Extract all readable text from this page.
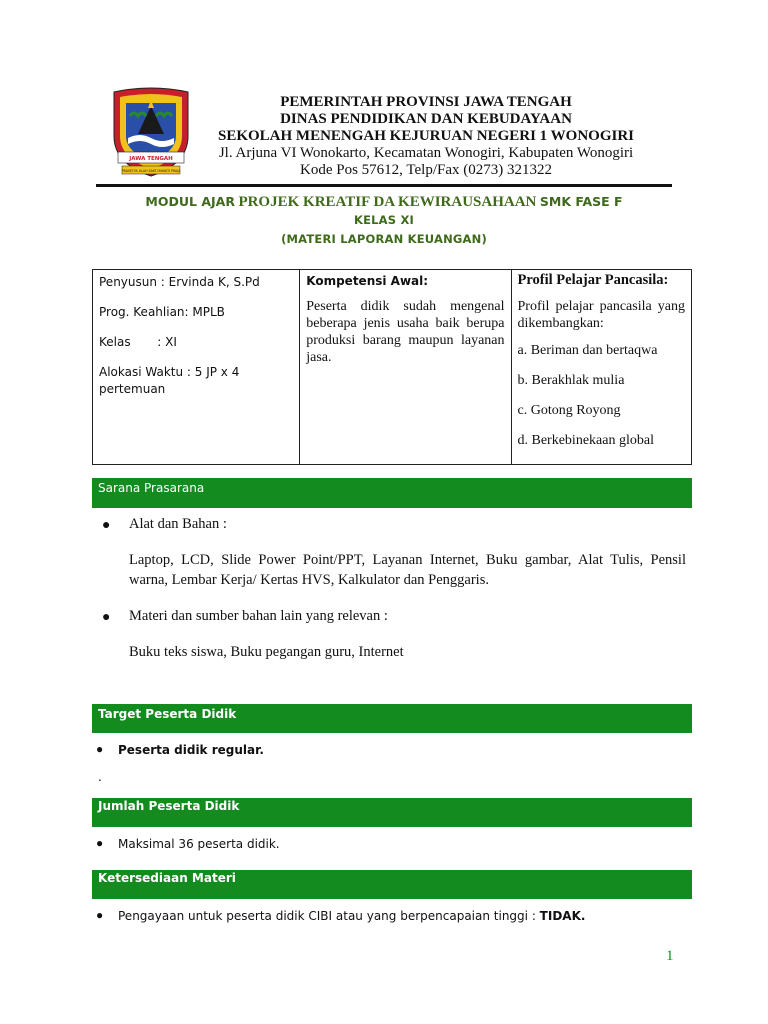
JAWA TENGAH
PRASETYA ULAH SAKTI BHAKTI PRAJA
PEMERINTAH PROVINSI JAWA TENGAH
DINAS PENDIDIKAN DAN KEBUDAYAAN
SEKOLAH MENENGAH KEJURUAN NEGERI 1 WONOGIRI
Jl. Arjuna VI Wonokarto, Kecamatan Wonogiri, Kabupaten Wonogiri
Kode Pos 57612, Telp/Fax (0273) 321322
MODUL AJAR PROJEK KREATIF DA KEWIRAUSAHAAN SMK FASE F
KELAS XI
(MATERI LAPORAN KEUANGAN)

Penyusun : Ervinda K, S.Pd

Prog. Keahlian: MPLB

Kelas       : XI

Alokasi Waktu : 5 JP x 4 pertemuan

Kompetensi Awal:
Peserta didik sudah mengenal beberapa jenis usaha baik berupa produksi barang maupun layanan jasa.

Profil Pelajar Pancasila:
Profil pelajar pancasila yang dikembangkan:
a. Beriman dan bertaqwa
b. Berakhlak mulia
c. Gotong Royong
d. Berkebinekaan global
Sarana Prasarana
● Alat dan Bahan :
Laptop, LCD, Slide Power Point/PPT, Layanan Internet, Buku gambar, Alat Tulis, Pensil warna, Lembar Kerja/ Kertas HVS, Kalkulator dan Penggaris.
● Materi dan sumber bahan lain yang relevan :
Buku teks siswa, Buku pegangan guru, Internet
Target Peserta Didik
● Peserta didik regular.
.
Jumlah Peserta Didik
● Maksimal 36 peserta didik.
Ketersediaan Materi
● Pengayaan untuk peserta didik CIBI atau yang berpencapaian tinggi : TIDAK.
1
